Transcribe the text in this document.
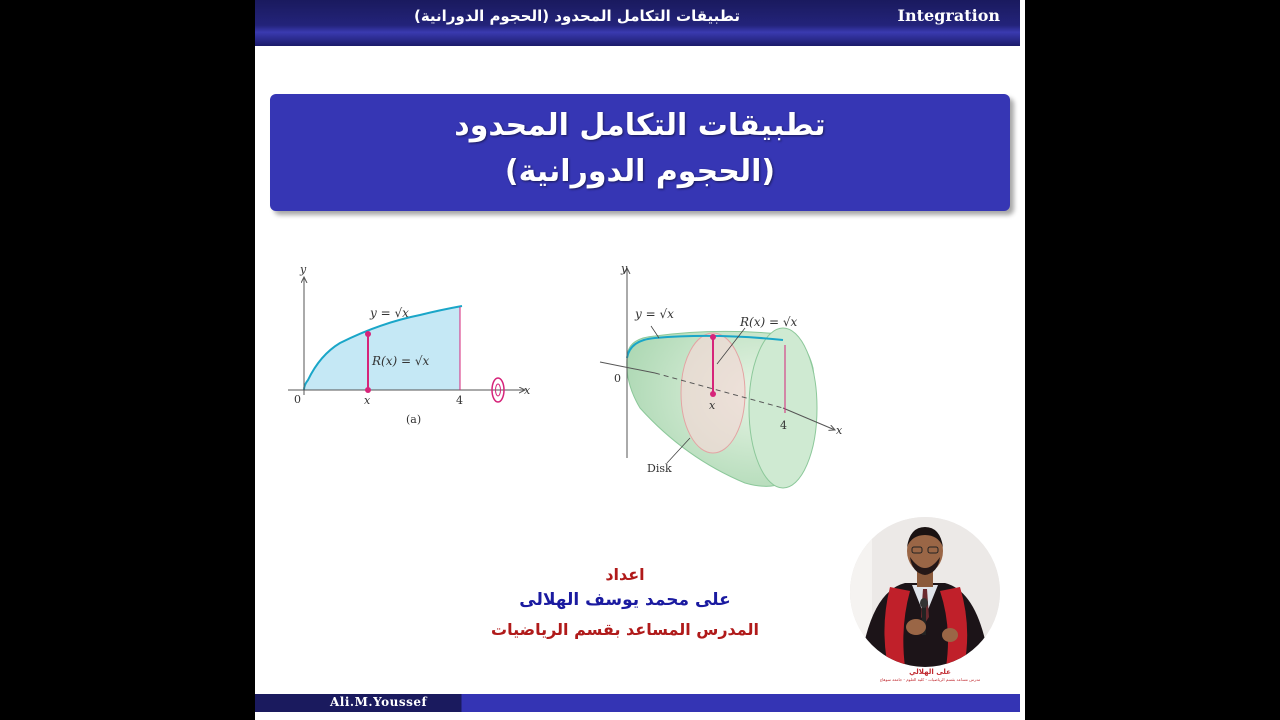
تطبيقات التكامل المحدود (الحجوم الدورانية)	Integration
تطبيقات التكامل المحدود
(الحجوم الدورانية)
y
x
y = √x
R(x) = √x
0	x	4
(a)
y
x
y = √x
R(x) = √x
0
x
4
Disk
اعداد
على محمد يوسف الهلالى
المدرس المساعد بقسم الرياضيات
على الهلالي
مدرس مساعد بقسم الرياضيات - كلية العلوم - جامعة سوهاج
Ali.M.Youssef
